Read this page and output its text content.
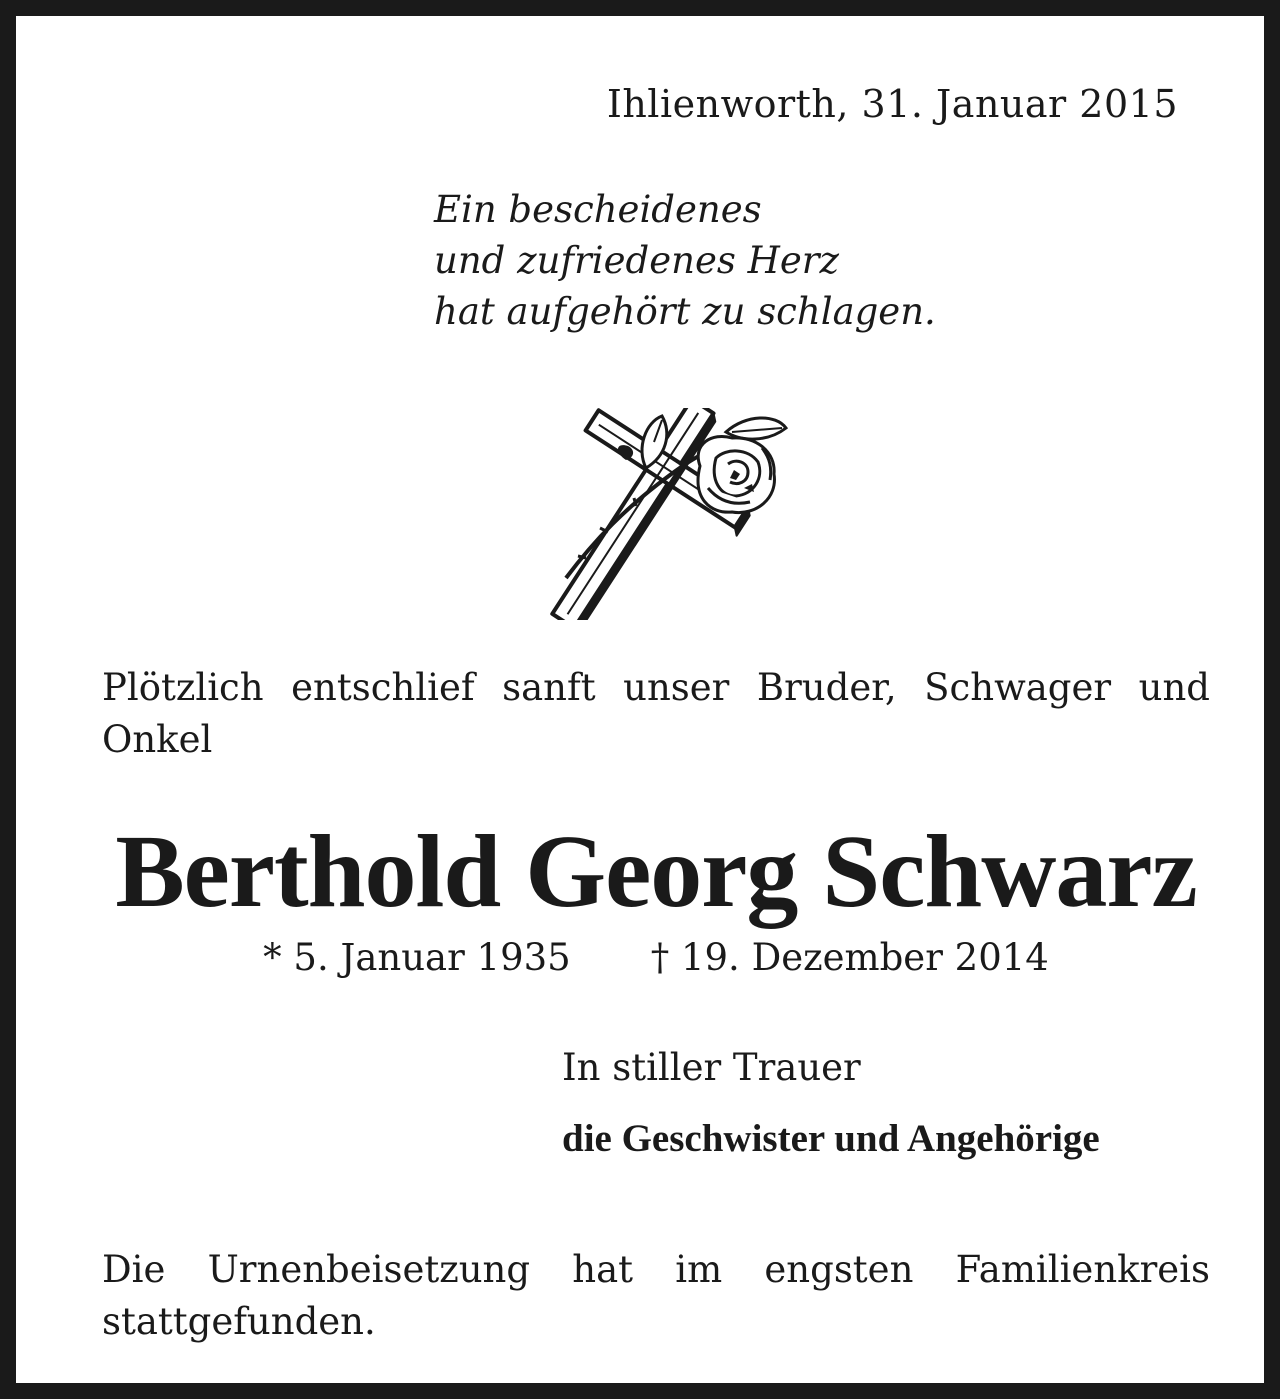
Ihlienworth, 31. Januar 2015
Ein bescheidenes
und zufriedenes Herz
hat aufgehört zu schlagen.
Plötzlich entschlief sanft unser Bruder, Schwager und Onkel
Berthold Georg Schwarz
* 5. Januar 1935 † 19. Dezember 2014
In stiller Trauer
die Geschwister und Angehörige
Die Urnenbeisetzung hat im engsten Familienkreis stattgefunden.
